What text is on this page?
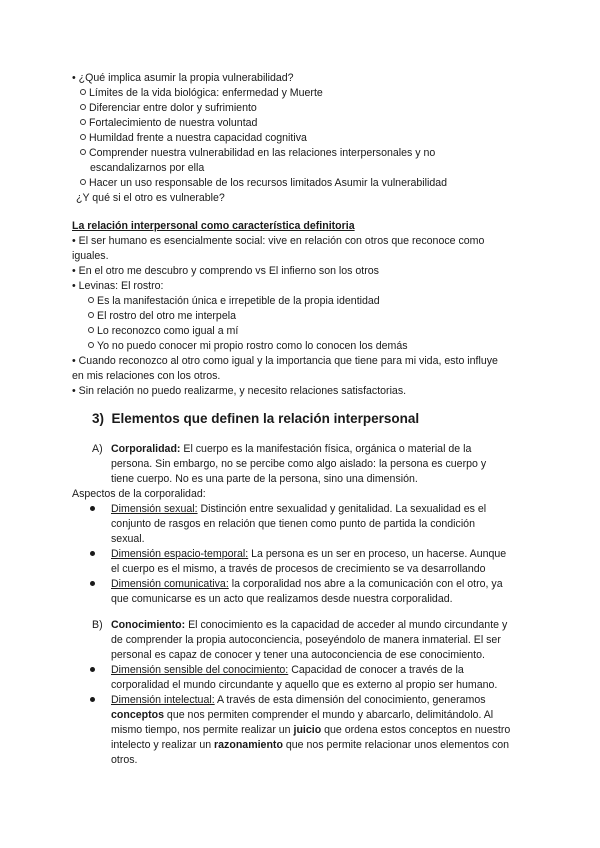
• ¿Qué implica asumir la propia vulnerabilidad?
Límites de la vida biológica: enfermedad y Muerte
Diferenciar entre dolor y sufrimiento
Fortalecimiento de nuestra voluntad
Humildad frente a nuestra capacidad cognitiva
Comprender nuestra vulnerabilidad en las relaciones interpersonales y no
escandalizarnos por ella
Hacer un uso responsable de los recursos limitados Asumir la vulnerabilidad
¿Y qué si el otro es vulnerable?
La relación interpersonal como característica definitoria
• El ser humano es esencialmente social: vive en relación con otros que reconoce como
iguales.
• En el otro me descubro y comprendo vs El infierno son los otros
• Levinas: El rostro:
Es la manifestación única e irrepetible de la propia identidad
El rostro del otro me interpela
Lo reconozco como igual a mí
Yo no puedo conocer mi propio rostro como lo conocen los demás
• Cuando reconozco al otro como igual y la importancia que tiene para mi vida, esto influye
en mis relaciones con los otros.
• Sin relación no puedo realizarme, y necesito relaciones satisfactorias.
3) Elementos que definen la relación interpersonal
A) Corporalidad: El cuerpo es la manifestación física, orgánica o material de la
persona. Sin embargo, no se percibe como algo aislado: la persona es cuerpo y
tiene cuerpo. No es una parte de la persona, sino una dimensión.
Aspectos de la corporalidad:
Dimensión sexual: Distinción entre sexualidad y genitalidad. La sexualidad es el
conjunto de rasgos en relación que tienen como punto de partida la condición
sexual.
Dimensión espacio-temporal: La persona es un ser en proceso, un hacerse. Aunque
el cuerpo es el mismo, a través de procesos de crecimiento se va desarrollando
Dimensión comunicativa: la corporalidad nos abre a la comunicación con el otro, ya
que comunicarse es un acto que realizamos desde nuestra corporalidad.
B) Conocimiento: El conocimiento es la capacidad de acceder al mundo circundante y
de comprender la propia autoconciencia, poseyéndolo de manera inmaterial. El ser
personal es capaz de conocer y tener una autoconciencia de ese conocimiento.
Dimensión sensible del conocimiento: Capacidad de conocer a través de la
corporalidad el mundo circundante y aquello que es externo al propio ser humano.
Dimensión intelectual: A través de esta dimensión del conocimiento, generamos
conceptos que nos permiten comprender el mundo y abarcarlo, delimitándolo. Al
mismo tiempo, nos permite realizar un juicio que ordena estos conceptos en nuestro
intelecto y realizar un razonamiento que nos permite relacionar unos elementos con
otros.
